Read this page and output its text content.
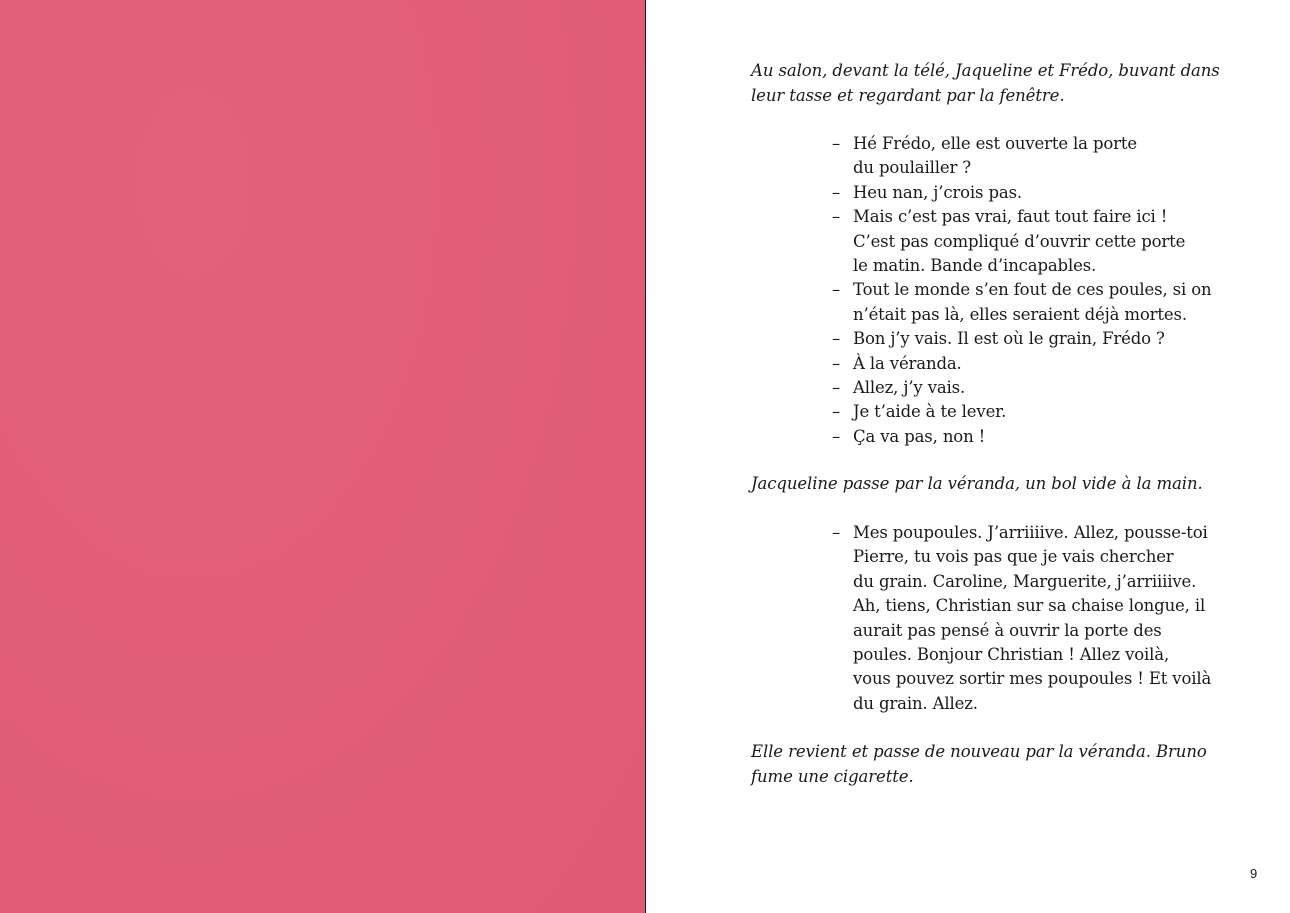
Au salon, devant la télé, Jaqueline et Frédo, buvant dans
leur tasse et regardant par la fenêtre.

– Hé Frédo, elle est ouverte la porte
du poulailler ?
– Heu nan, j’crois pas.
– Mais c’est pas vrai, faut tout faire ici !
C’est pas compliqué d’ouvrir cette porte
le matin. Bande d’incapables.
– Tout le monde s’en fout de ces poules, si on
n’était pas là, elles seraient déjà mortes.
– Bon j’y vais. Il est où le grain, Frédo ?
– À la véranda.
– Allez, j’y vais.
– Je t’aide à te lever.
– Ça va pas, non !

Jacqueline passe par la véranda, un bol vide à la main.

– Mes poupoules. J’arriiiive. Allez, pousse-toi
Pierre, tu vois pas que je vais chercher
du grain. Caroline, Marguerite, j’arriiiive.
Ah, tiens, Christian sur sa chaise longue, il
aurait pas pensé à ouvrir la porte des
poules. Bonjour Christian ! Allez voilà,
vous pouvez sortir mes poupoules ! Et voilà
du grain. Allez.

Elle revient et passe de nouveau par la véranda. Bruno
fume une cigarette.

9
